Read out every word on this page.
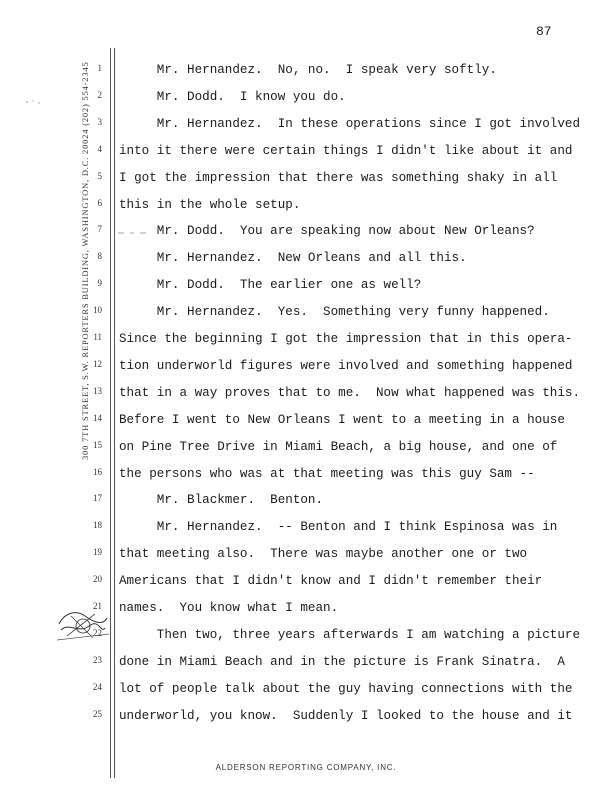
87
300 7TH STREET, S.W. REPORTERS BUILDING, WASHINGTON, D.C. 20024 (202) 554-2345 1 Mr. Hernandez.  No, no.  I speak very softly.
2 Mr. Dodd.  I know you do.
3 Mr. Hernandez.  In these operations since I got involved
4 into it there were certain things I didn't like about it and
5 I got the impression that there was something shaky in all
6 this in the whole setup.
7 Mr. Dodd.  You are speaking now about New Orleans?
8 Mr. Hernandez.  New Orleans and all this.
9 Mr. Dodd.  The earlier one as well?
10 Mr. Hernandez.  Yes.  Something very funny happened.
11 Since the beginning I got the impression that in this opera-
12 tion underworld figures were involved and something happened
13 that in a way proves that to me.  Now what happened was this.
14 Before I went to New Orleans I went to a meeting in a house
15 on Pine Tree Drive in Miami Beach, a big house, and one of
16 the persons who was at that meeting was this guy Sam --
17 Mr. Blackmer.  Benton.
18 Mr. Hernandez.  -- Benton and I think Espinosa was in
19 that meeting also.  There was maybe another one or two
20 Americans that I didn't know and I didn't remember their
21 names.  You know what I mean.
22 Then two, three years afterwards I am watching a picture
23 done in Miami Beach and in the picture is Frank Sinatra.  A
24 lot of people talk about the guy having connections with the
25 underworld, you know.  Suddenly I looked to the house and it
ALDERSON REPORTING COMPANY, INC.
